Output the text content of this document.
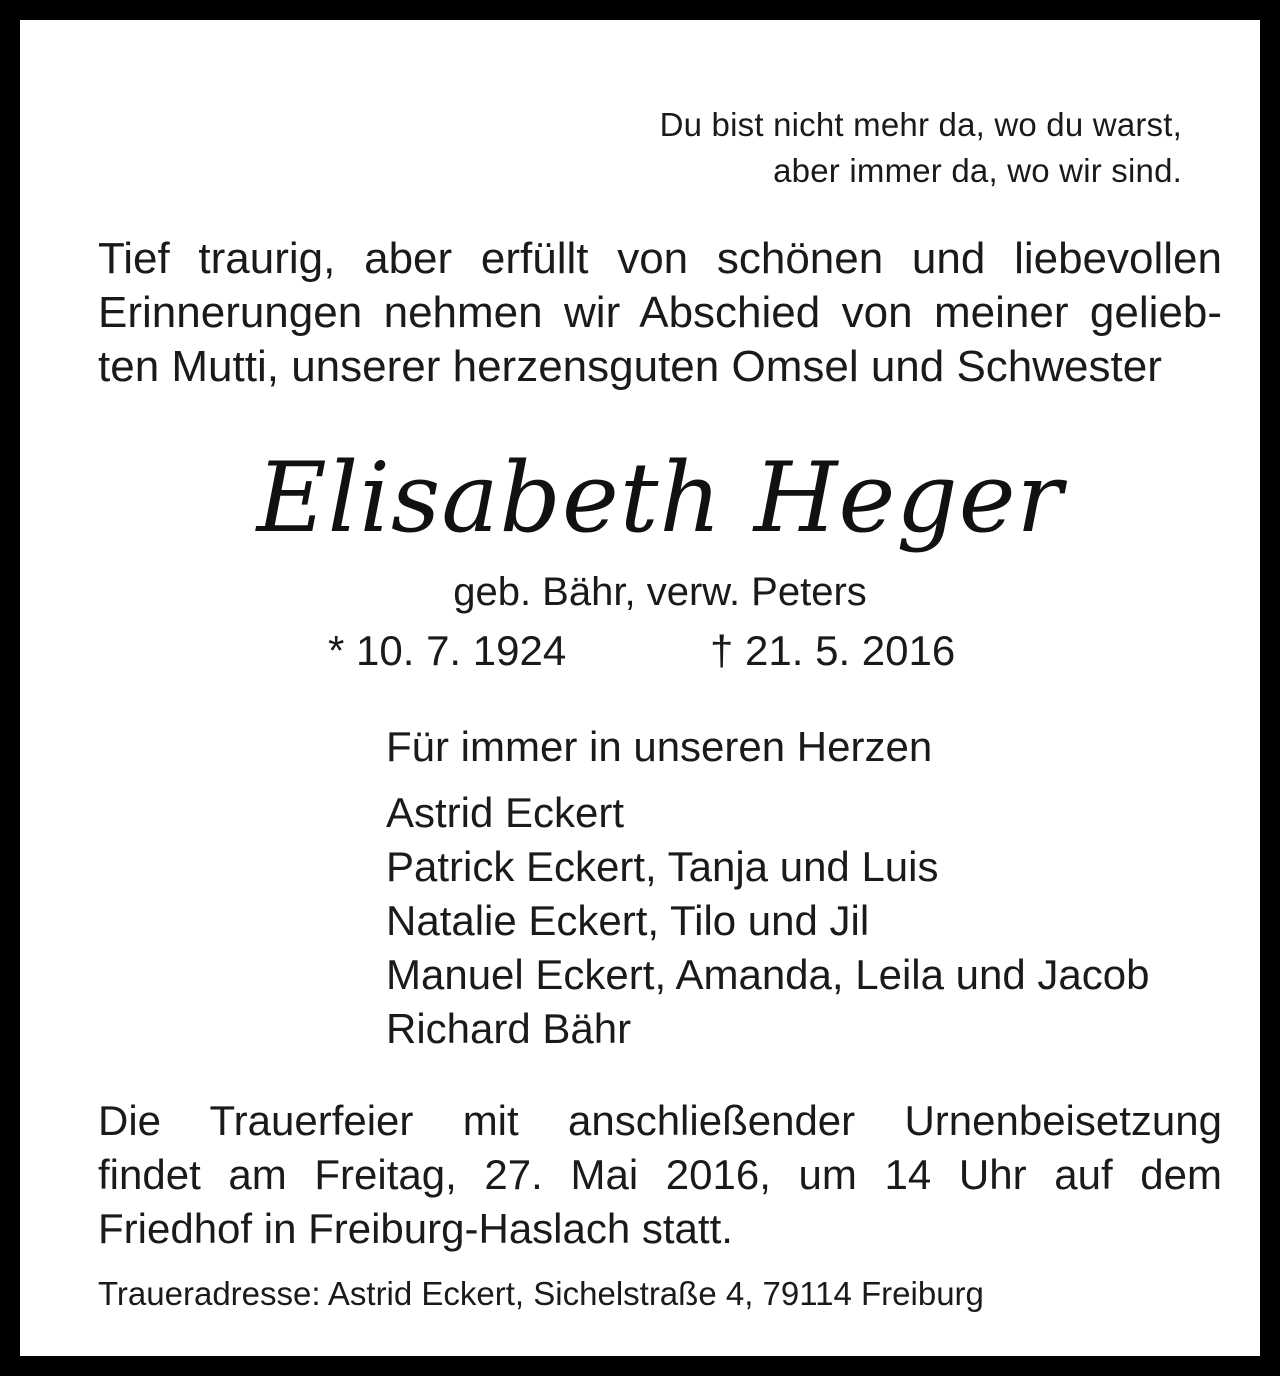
Du bist nicht mehr da, wo du warst,
aber immer da, wo wir sind.
Tief traurig, aber erfüllt von schönen und liebevollen
Erinnerungen nehmen wir Abschied von meiner gelieb-
ten Mutti, unserer herzensguten Omsel und Schwester
Elisabeth Heger
geb. Bähr, verw. Peters
* 10. 7. 1924	† 21. 5. 2016
Für immer in unseren Herzen
Astrid Eckert
Patrick Eckert, Tanja und Luis
Natalie Eckert, Tilo und Jil
Manuel Eckert, Amanda, Leila und Jacob
Richard Bähr
Die Trauerfeier mit anschließender Urnenbeisetzung
findet am Freitag, 27. Mai 2016, um 14 Uhr auf dem
Friedhof in Freiburg-Haslach statt.
Traueradresse: Astrid Eckert, Sichelstraße 4, 79114 Freiburg
